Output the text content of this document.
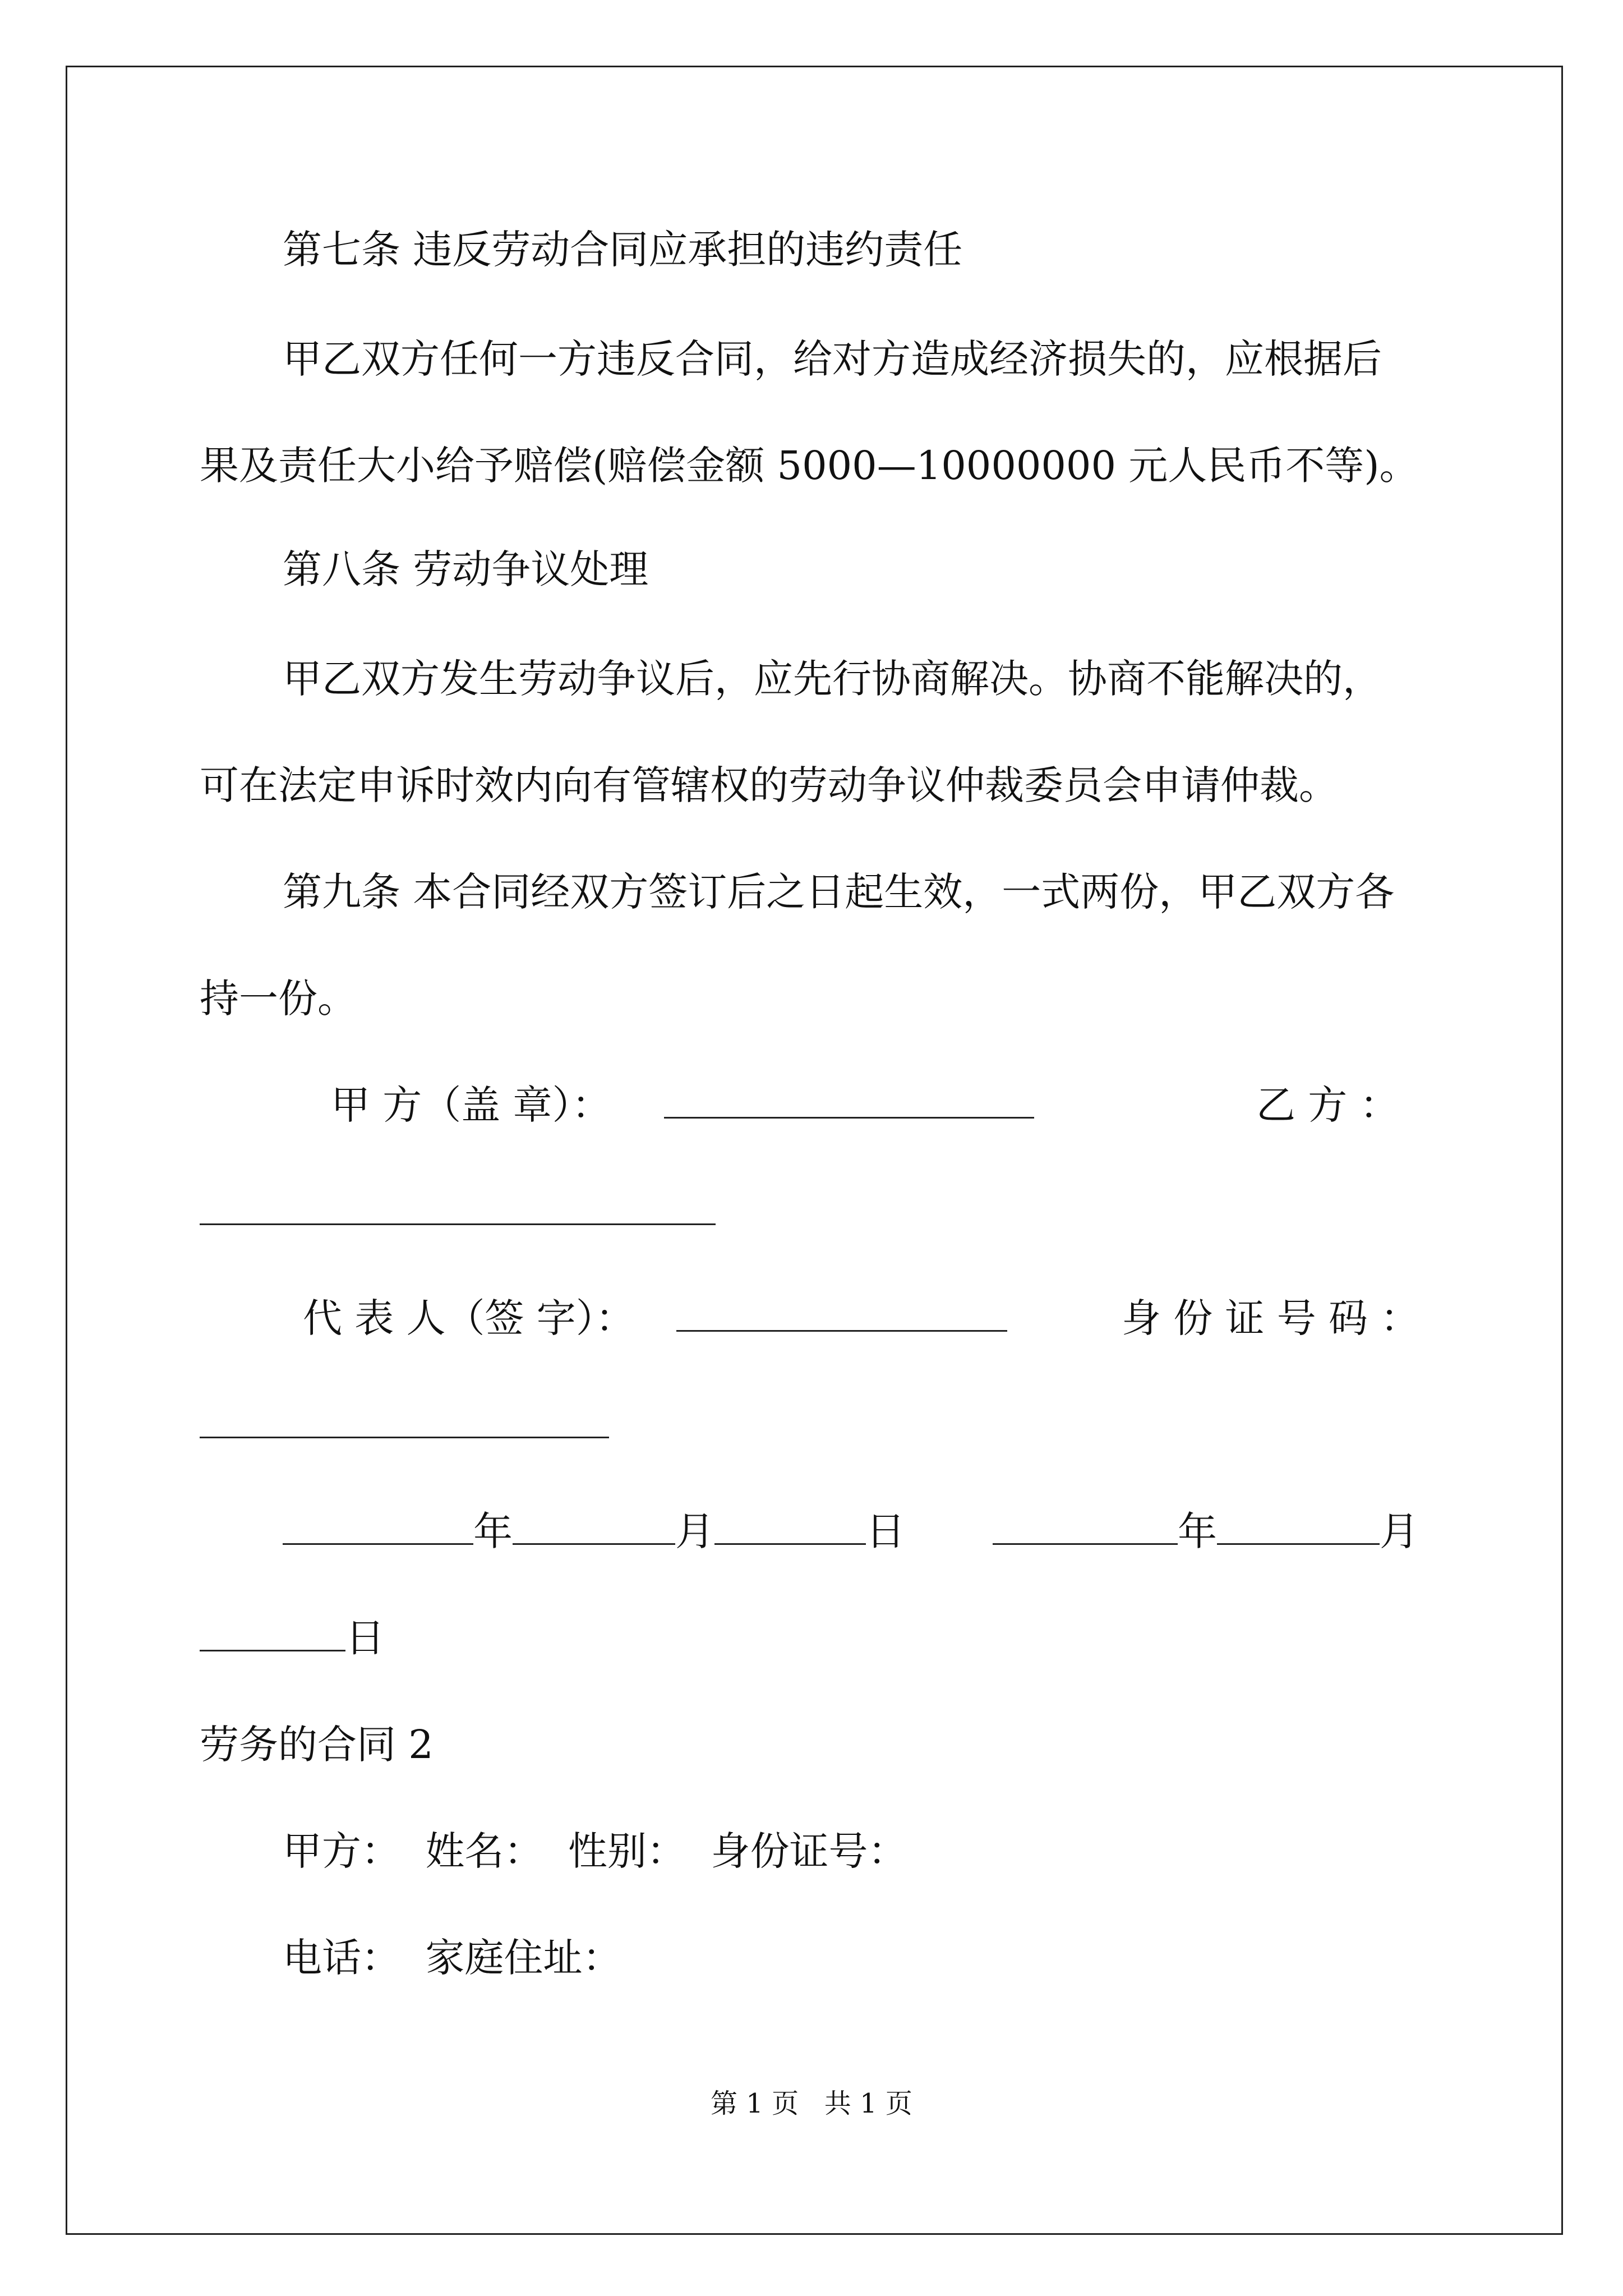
第七条 违反劳动合同应承担的违约责任
甲乙双方任何一方违反合同，给对方造成经济损失的，应根据后
果及责任大小给予赔偿(赔偿金额 5000—10000000 元人民币不等)。
第八条 劳动争议处理
甲乙双方发生劳动争议后，应先行协商解决。协商不能解决的，
可在法定申诉时效内向有管辖权的劳动争议仲裁委员会申请仲裁。
第九条 本合同经双方签订后之日起生效，一式两份，甲乙双方各
持一份。
甲 方（盖 章）：	乙 方 ：
代 表 人（签 字）：	身 份 证 号 码 ：
年	月	日	年	月
日
劳务的合同 2
甲方：  姓名：  性别：  身份证号：
电话：  家庭住址：
第 1 页   共 1 页
